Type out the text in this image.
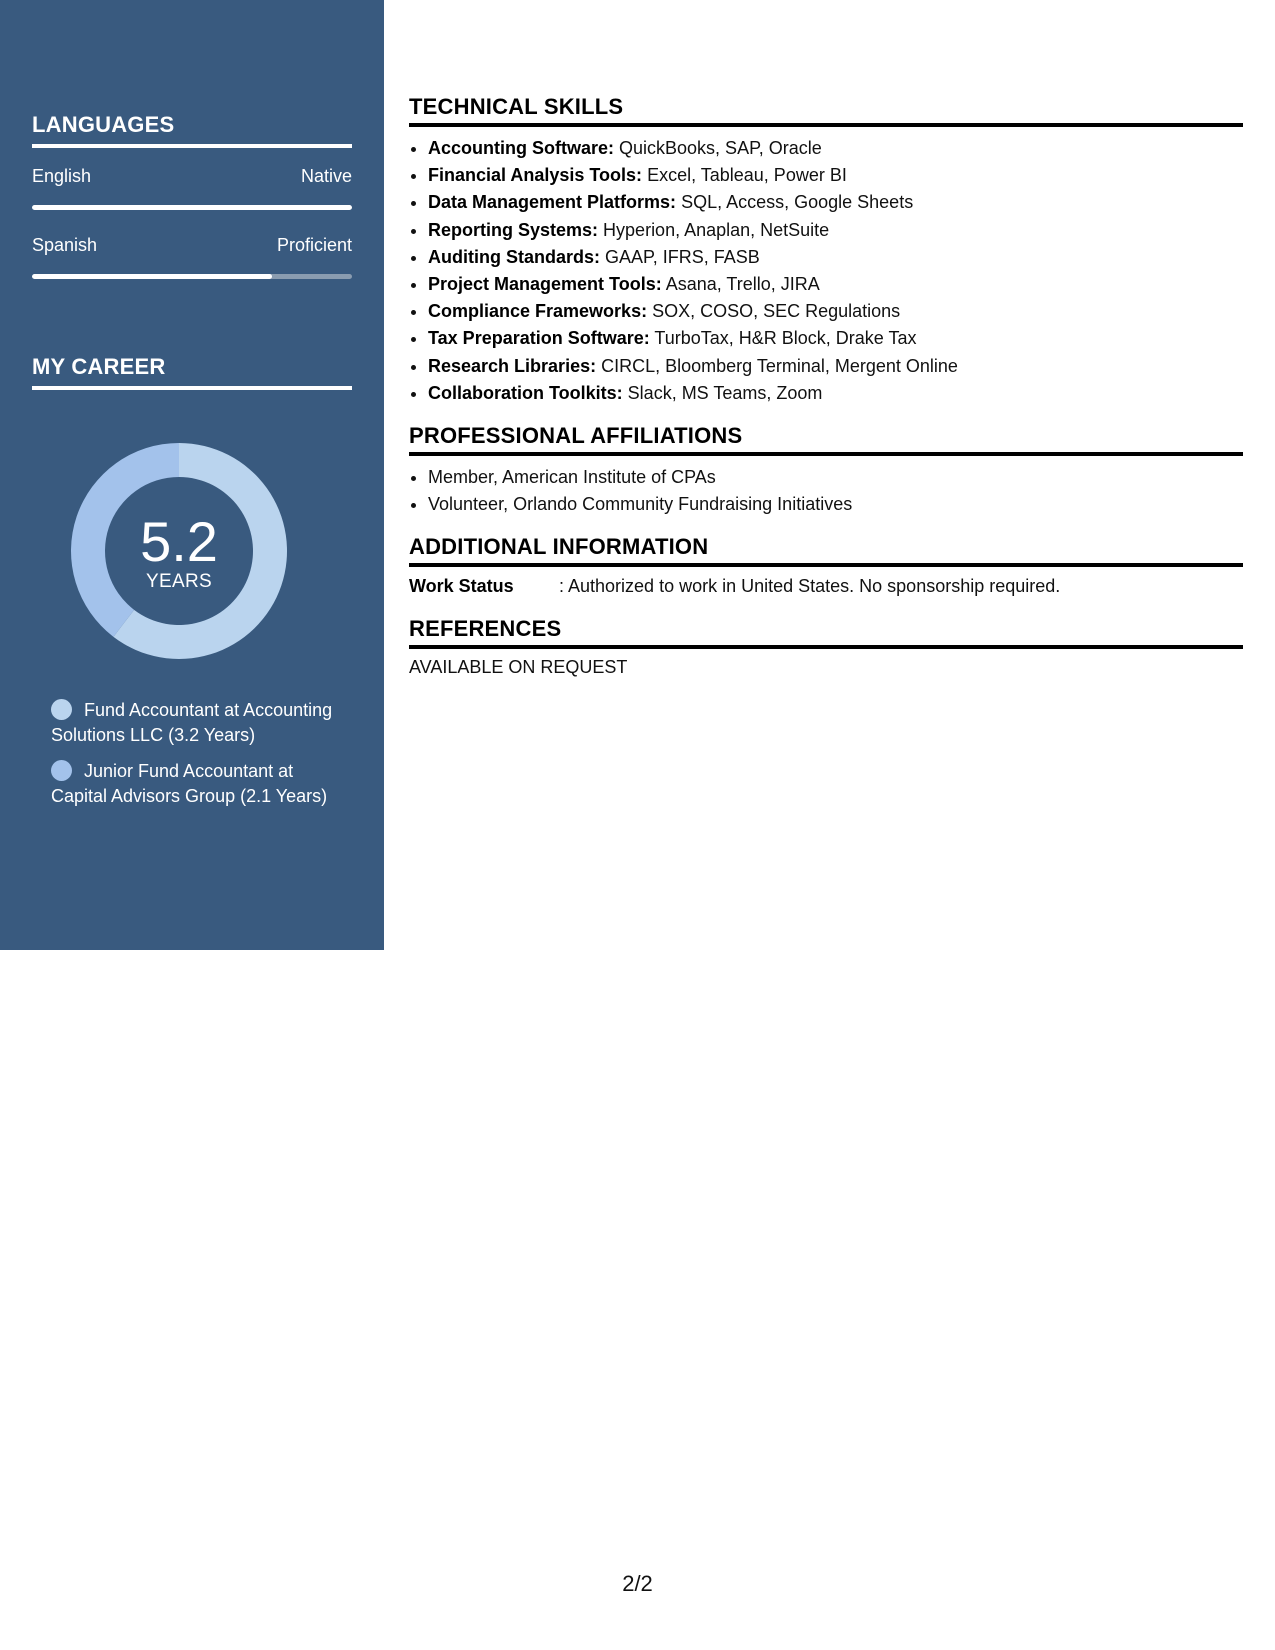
LANGUAGES
English	Native
Spanish	Proficient
MY CAREER
5.2
YEARS
Fund Accountant at Accounting Solutions LLC (3.2 Years)
Junior Fund Accountant at Capital Advisors Group (2.1 Years)
TECHNICAL SKILLS
• Accounting Software: QuickBooks, SAP, Oracle
• Financial Analysis Tools: Excel, Tableau, Power BI
• Data Management Platforms: SQL, Access, Google Sheets
• Reporting Systems: Hyperion, Anaplan, NetSuite
• Auditing Standards: GAAP, IFRS, FASB
• Project Management Tools: Asana, Trello, JIRA
• Compliance Frameworks: SOX, COSO, SEC Regulations
• Tax Preparation Software: TurboTax, H&R Block, Drake Tax
• Research Libraries: CIRCL, Bloomberg Terminal, Mergent Online
• Collaboration Toolkits: Slack, MS Teams, Zoom
PROFESSIONAL AFFILIATIONS
• Member, American Institute of CPAs
• Volunteer, Orlando Community Fundraising Initiatives
ADDITIONAL INFORMATION
Work Status	: Authorized to work in United States. No sponsorship required.
REFERENCES

AVAILABLE ON REQUEST

2/2
